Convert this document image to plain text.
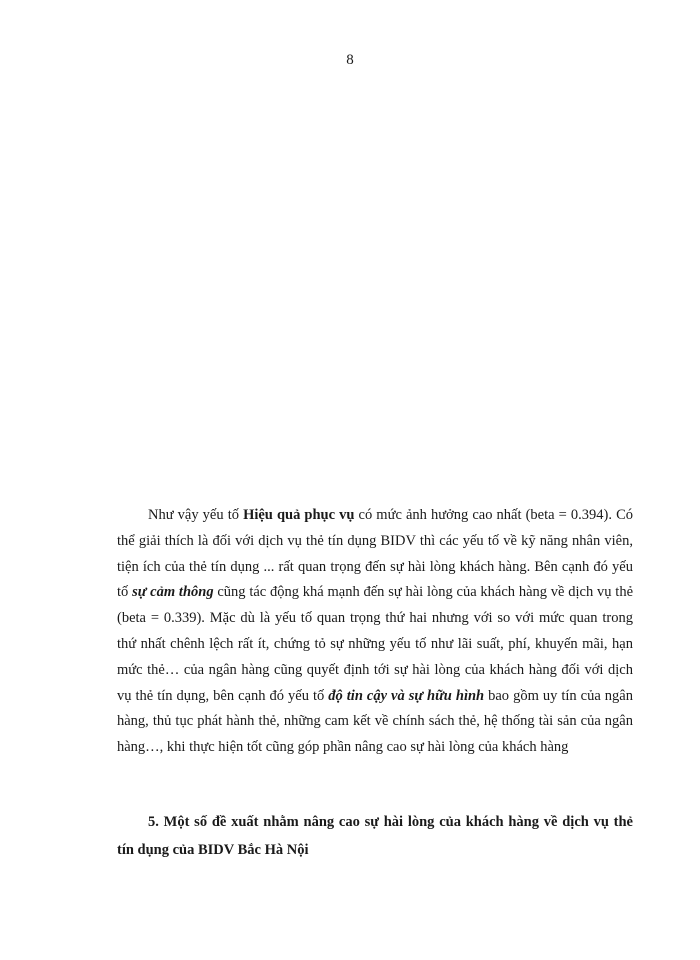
8

Như vậy yếu tố Hiệu quả phục vụ có mức ảnh hưởng cao nhất (beta = 0.394). Có thể giải thích là đối với dịch vụ thẻ tín dụng BIDV thì các yếu tố về kỹ năng nhân viên, tiện ích của thẻ tín dụng ... rất quan trọng đến sự hài lòng khách hàng. Bên cạnh đó yếu tố sự cảm thông cũng tác động khá mạnh đến sự hài lòng của khách hàng về dịch vụ thẻ (beta = 0.339). Mặc dù là yếu tố quan trọng thứ hai nhưng với so với mức quan trong thứ nhất chênh lệch rất ít, chứng tỏ sự những yếu tố như lãi suất, phí, khuyến mãi, hạn mức thẻ… của ngân hàng cũng quyết định tới sự hài lòng của khách hàng đối với dịch vụ thẻ tín dụng, bên cạnh đó yếu tố độ tin cậy và sự hữu hình bao gồm uy tín của ngân hàng, thủ tục phát hành thẻ, những cam kết về chính sách thẻ, hệ thống tài sản của ngân hàng…, khi thực hiện tốt cũng góp phần nâng cao sự hài lòng của khách hàng

5. Một số đề xuất nhằm nâng cao sự hài lòng của khách hàng về dịch vụ thẻ tín dụng của BIDV Bắc Hà Nội
